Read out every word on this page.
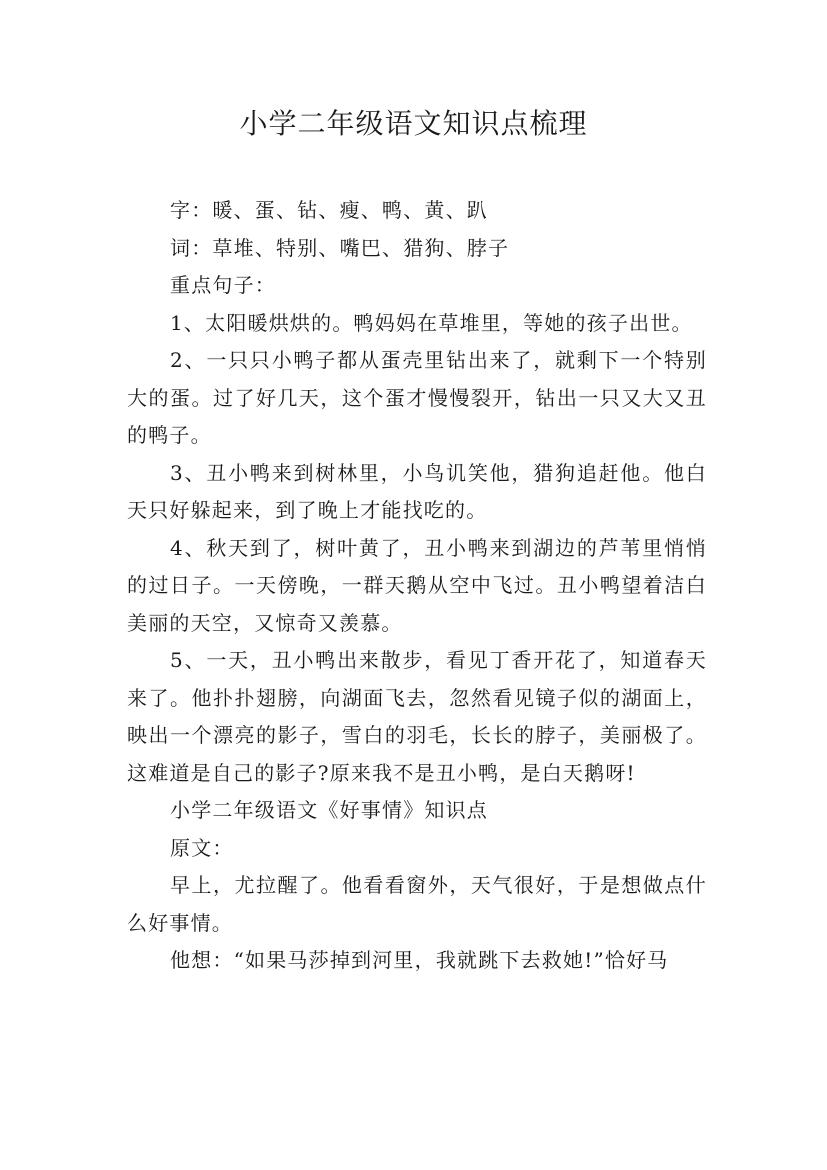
小学二年级语文知识点梳理

字：暖、蛋、钻、瘦、鸭、黄、趴

词：草堆、特别、嘴巴、猎狗、脖子

重点句子：

1、太阳暖烘烘的。鸭妈妈在草堆里，等她的孩子出世。

2、一只只小鸭子都从蛋壳里钻出来了，就剩下一个特别大的蛋。过了好几天，这个蛋才慢慢裂开，钻出一只又大又丑的鸭子。

3、丑小鸭来到树林里，小鸟讥笑他，猎狗追赶他。他白天只好躲起来，到了晚上才能找吃的。

4、秋天到了，树叶黄了，丑小鸭来到湖边的芦苇里悄悄的过日子。一天傍晚，一群天鹅从空中飞过。丑小鸭望着洁白美丽的天空，又惊奇又羡慕。

5、一天，丑小鸭出来散步，看见丁香开花了，知道春天来了。他扑扑翅膀，向湖面飞去，忽然看见镜子似的湖面上，映出一个漂亮的影子，雪白的羽毛，长长的脖子，美丽极了。这难道是自己的影子?原来我不是丑小鸭，是白天鹅呀!

小学二年级语文《好事情》知识点

原文：

早上，尤拉醒了。他看看窗外，天气很好，于是想做点什么好事情。

他想：“如果马莎掉到河里，我就跳下去救她!”恰好马
